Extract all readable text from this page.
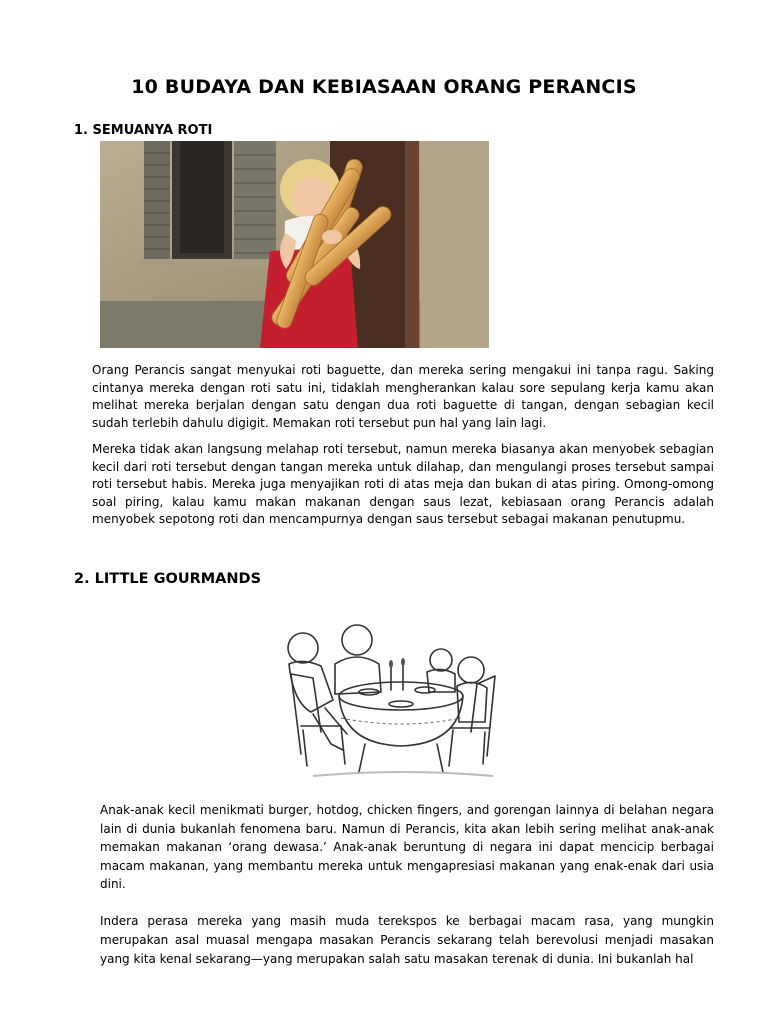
10 BUDAYA DAN KEBIASAAN ORANG PERANCIS
1. SEMUANYA ROTI
Orang Perancis sangat menyukai roti baguette, dan mereka sering mengakui ini tanpa ragu. Saking cintanya mereka dengan roti satu ini, tidaklah mengherankan kalau sore sepulang kerja kamu akan melihat mereka berjalan dengan satu dengan dua roti baguette di tangan, dengan sebagian kecil sudah terlebih dahulu digigit. Memakan roti tersebut pun hal yang lain lagi.
Mereka tidak akan langsung melahap roti tersebut, namun mereka biasanya akan menyobek sebagian kecil dari roti tersebut dengan tangan mereka untuk dilahap, dan mengulangi proses tersebut sampai roti tersebut habis. Mereka juga menyajikan roti di atas meja dan bukan di atas piring. Omong-omong soal piring, kalau kamu makan makanan dengan saus lezat, kebiasaan orang Perancis adalah menyobek sepotong roti dan mencampurnya dengan saus tersebut sebagai makanan penutupmu.
2. LITTLE GOURMANDS
Anak-anak kecil menikmati burger, hotdog, chicken fingers, and gorengan lainnya di belahan negara lain di dunia bukanlah fenomena baru. Namun di Perancis, kita akan lebih sering melihat anak-anak memakan makanan ‘orang dewasa.’ Anak-anak beruntung di negara ini dapat mencicip berbagai macam makanan, yang membantu mereka untuk mengapresiasi makanan yang enak-enak dari usia dini.
Indera perasa mereka yang masih muda terekspos ke berbagai macam rasa, yang mungkin merupakan asal muasal mengapa masakan Perancis sekarang telah berevolusi menjadi masakan yang kita kenal sekarang—yang merupakan salah satu masakan terenak di dunia. Ini bukanlah hal
